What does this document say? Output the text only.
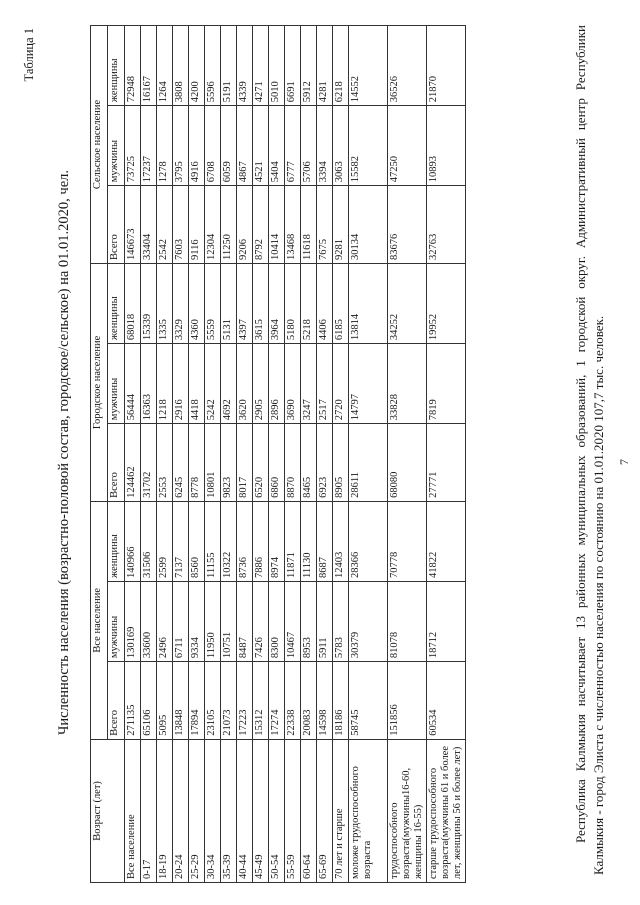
Таблица 1
Численность населения (возрастно-половой состав, городское/сельское) на 01.01.2020, чел.
Возраст (лет)	Все население			Городское население			Сельское население		
	Всего	мужчины	женщины	Всего	мужчины	женщины	Всего	мужчины	женщины
Все население	271135	130169	140966	124462	56444	68018	146673	73725	72948
0-17	65106	33600	31506	31702	16363	15339	33404	17237	16167
18-19	5095	2496	2599	2553	1218	1335	2542	1278	1264
20-24	13848	6711	7137	6245	2916	3329	7603	3795	3808
25-29	17894	9334	8560	8778	4418	4360	9116	4916	4200
30-34	23105	11950	11155	10801	5242	5559	12304	6708	5596
35-39	21073	10751	10322	9823	4692	5131	11250	6059	5191
40-44	17223	8487	8736	8017	3620	4397	9206	4867	4339
45-49	15312	7426	7886	6520	2905	3615	8792	4521	4271
50-54	17274	8300	8974	6860	2896	3964	10414	5404	5010
55-59	22338	10467	11871	8870	3690	5180	13468	6777	6691
60-64	20083	8953	11130	8465	3247	5218	11618	5706	5912
65-69	14598	5911	8687	6923	2517	4406	7675	3394	4281
70 лет и старше	18186	5783	12403	8905	2720	6185	9281	3063	6218
моложе трудоспособного возраста	58745	30379	28366	28611	14797	13814	30134	15582	14552
трудоспособного возраста(мужчины16-60, женщины 16-55)	151856	81078	70778	68080	33828	34252	83676	47250	36526
старше трудоспособного возраста(мужчины 61 и более лет, женщины 56 и более лет)	60534	18712	41822	27771	7819	19952	32763	10893	21870	Республика Калмыкия насчитывает 13 районных муниципальных образований, 1 городской округ. Административный центр Республики Калмыкия - город Элиста с численностью населения по состоянию на 01.01.2020 107,7 тыс. человек. 7
